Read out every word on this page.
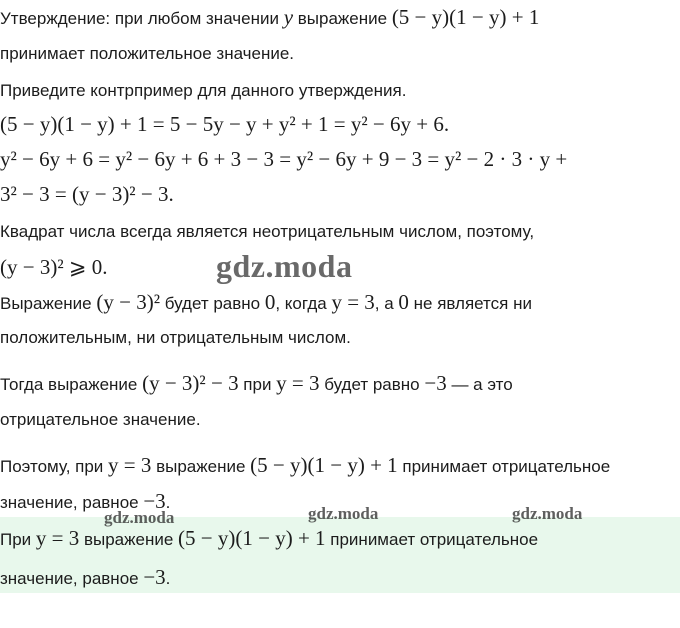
Утверждение: при любом значении y выражение (5 − y)(1 − y) + 1
принимает положительное значение.
Приведите контрпример для данного утверждения.
(5 − y)(1 − y) + 1 = 5 − 5y − y + y² + 1 = y² − 6y + 6.
y² − 6y + 6 = y² − 6y + 6 + 3 − 3 = y² − 6y + 9 − 3 = y² − 2 · 3 · y +
3² − 3 = (y − 3)² − 3.
Квадрат числа всегда является неотрицательным числом, поэтому,
(y − 3)² ⩾ 0.
Выражение (y − 3)² будет равно 0, когда y = 3, а 0 не является ни
положительным, ни отрицательным числом.
Тогда выражение (y − 3)² − 3 при y = 3 будет равно −3 — а это
отрицательное значение.
Поэтому, при y = 3 выражение (5 − y)(1 − y) + 1 принимает отрицательное
значение, равное −3.
При y = 3 выражение (5 − y)(1 − y) + 1 принимает отрицательное
значение, равное −3.
gdz.moda
gdz.moda	gdz.moda	gdz.moda
